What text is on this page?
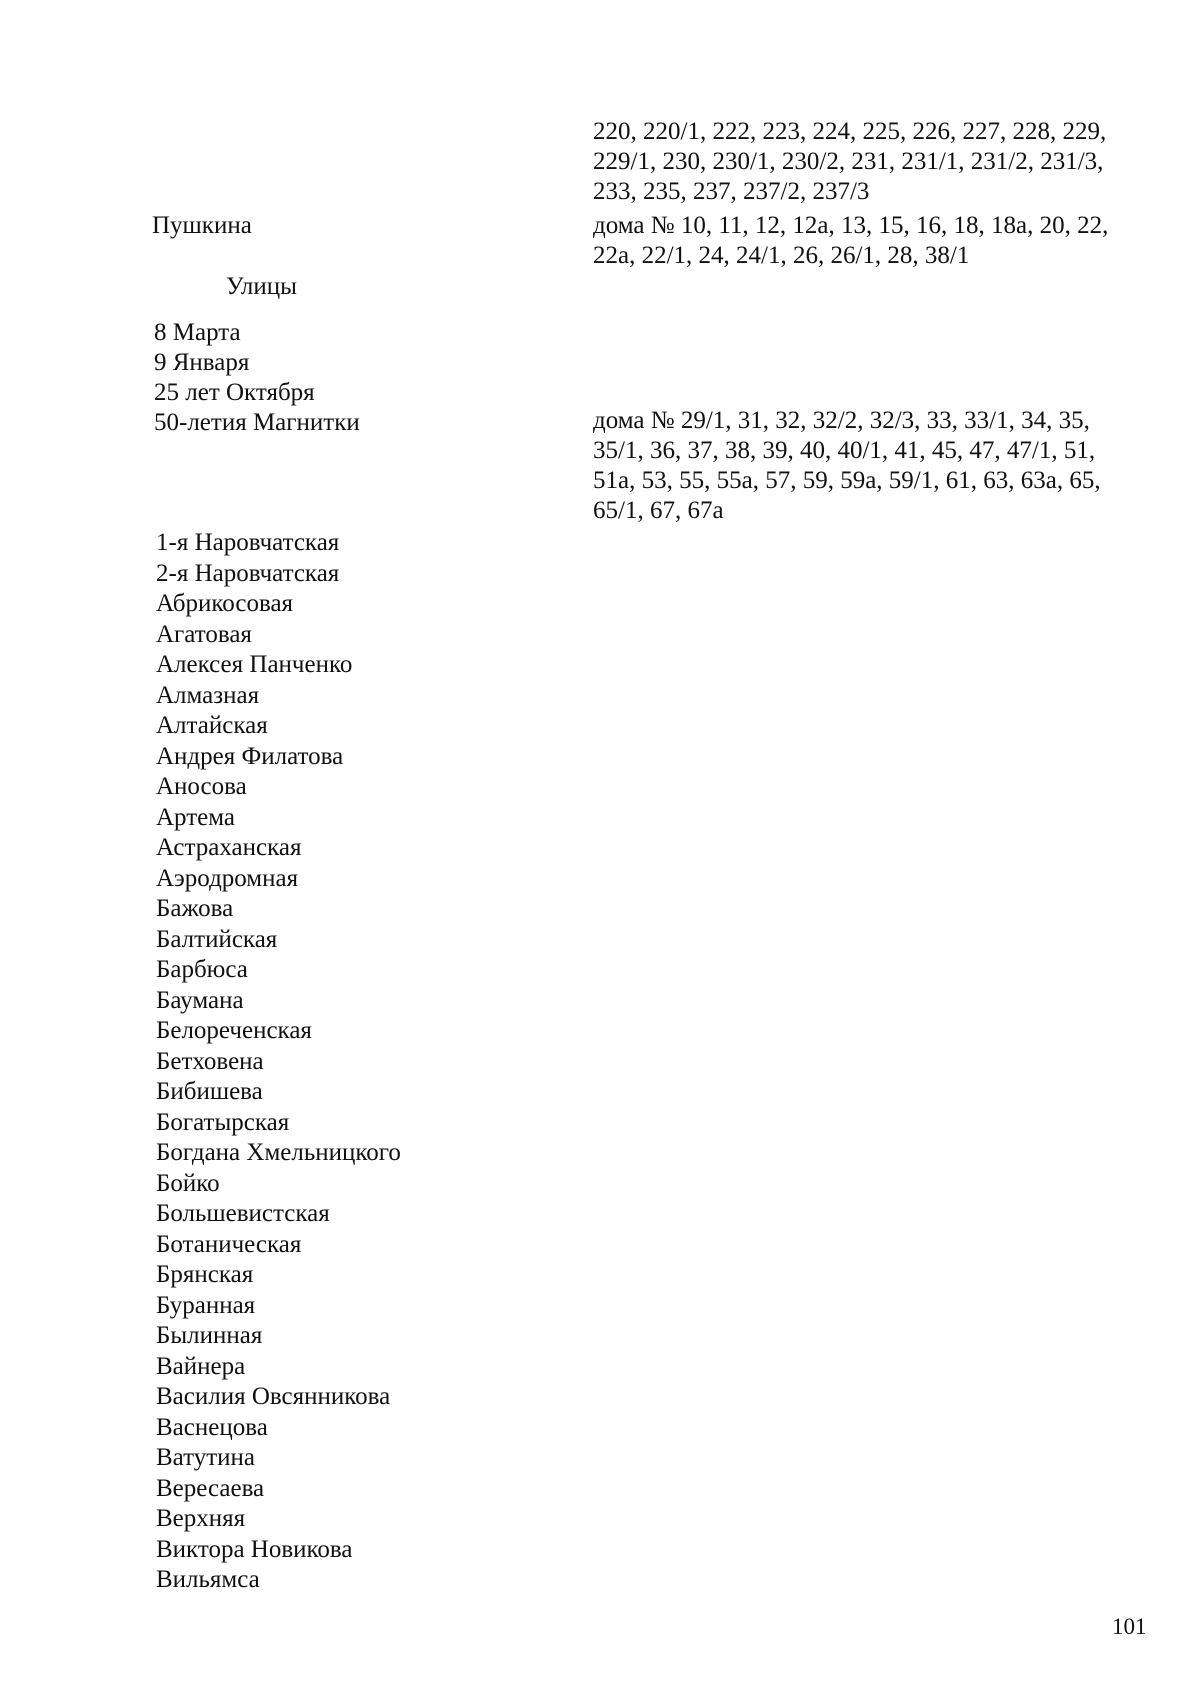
220, 220/1, 222, 223, 224, 225, 226, 227, 228, 229,
229/1, 230, 230/1, 230/2, 231, 231/1, 231/2, 231/3,
233, 235, 237, 237/2, 237/3
Пушкина	дома № 10, 11, 12, 12а, 13, 15, 16, 18, 18а, 20, 22,
22а, 22/1, 24, 24/1, 26, 26/1, 28, 38/1
Улицы
8 Марта
9 Января
25 лет Октября
50-летия Магнитки	дома № 29/1, 31, 32, 32/2, 32/3, 33, 33/1, 34, 35,
35/1, 36, 37, 38, 39, 40, 40/1, 41, 45, 47, 47/1, 51,
51а, 53, 55, 55а, 57, 59, 59а, 59/1, 61, 63, 63а, 65,
65/1, 67, 67а
1-я Наровчатская
2-я Наровчатская
Абрикосовая
Агатовая
Алексея Панченко
Алмазная
Алтайская
Андрея Филатова
Аносова
Артема
Астраханская
Аэродромная
Бажова
Балтийская
Барбюса
Баумана
Белореченская
Бетховена
Бибишева
Богатырская
Богдана Хмельницкого
Бойко
Большевистская
Ботаническая
Брянская
Буранная
Былинная
Вайнера
Василия Овсянникова
Васнецова
Ватутина
Вересаева
Верхняя
Виктора Новикова
Вильямса
101
